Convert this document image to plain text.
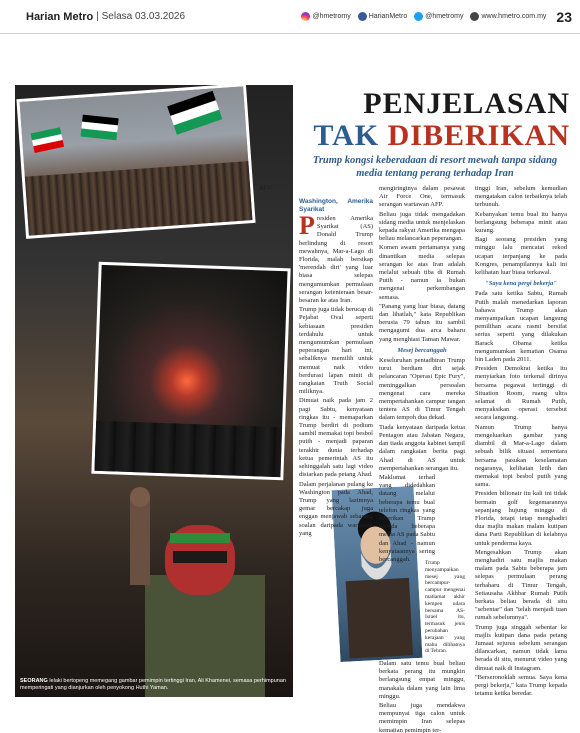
Harian Metro | Selasa 03.03.2026	@hmetromy	HarianMetro	@hmetromy	www.hmetro.com.my 23
SEORANG lelaki bertopeng memegang gambar pemimpin tertinggi Iran, Ali Khamenei, semasa perhimpunan memperingati yang dianjurkan oleh penyokong Huthi Yaman.
PENJELASAN
TAK DIBERIKAN
Trump kongsi keberadaan di resort mewah tanpa sidang media tentang perang terhadap Iran
AFP

Washington, Amerika Syarikat

Presiden Amerika Syarikat (AS) Donald Trump berlindung di resort mewahnya, Mar-a-Lago di Florida, malah bersikap 'merendah diri' yang luar biasa selepas mengumumkan permulaan serangan ketenteraan besar-besaran ke atas Iran.

Trump juga tidak berucap di Pejabat Oval seperti kebiasaan presiden terdahulu untuk mengumumkan permulaan peperangan hari ini, sebaliknya memilih untuk memuat naik video berdurasi lapan minit di rangkaian Truth Social miliknya.

Dimuat naik pada jam 2 pagi Sabtu, kenyataan ringkas itu - memaparkan Trump berdiri di podium sambil memakai topi besbol putih - menjadi paparan terakhir dunia terhadap ketua pemerintah AS itu sehinggalah satu lagi video disiarkan pada petang Ahad.

Dalam perjalanan pulang ke Washington pada Ahad, Trump yang lazimnya gemar bercakap juga enggan menjawab sebarang soalan daripada wartawan yang

mengiringinya dalam pesawat Air Force One, termasuk serangan wartawan AFP.

Beliau juga tidak mengadakan sidang media untuk menjelaskan kepada rakyat Amerika mengapa beliau melancarkan peperangan.

Komen awam pertamanya yang dinantikan media selepas serangan ke atas Iran adalah melalui sebuah tiba di Rumah Putih - namun ia bukan mengenai perkembangan semasa.

"Panang yang luar biasa, datang dan lihatlah," kata Republikan berusia 79 tahun itu sambil mengagumi dua arca baharu yang menghiasi Taman Mawar.

Mesej bercanggah

Keseluruhan pentadbiran Trump turut berdiam diri sejak pelancaran "Operasi Epic Fury", meninggalkan persoalan mengenai cara mereka mempertahankan campur tangan tentera AS di Timur Tengah dalam tempoh dua dekad.

Tiada kenyataan daripada ketua Pentagon atau Jabatan Negara, dan tiada anggota kabinet tampil dalam rangkaian berita pagi Ahad di AS untuk mempertahankan serangan itu.

Maklumat terhad yang didedahkan datang melalui beberapa temu bual telefon ringkas yang diberikan Trump kepada beberapa media AS pada Sabtu dan Ahad - namun kenyataannya sering bercanggah.

tinggi Iran, sebelum kemudian mengatakan calon terbaiknya telah terbunuh.

Kebanyakan temu bual itu hanya berlangsung beberapa minit atau kurang.

Bagi seorang presiden yang minggu lalu mencatat rekod ucapan terpanjang ke pada Kongres, penampilannya kali ini kelihatan luar biasa terkawal.

"Saya kena pergi bekerja"

Pada satu ketika Sabtu, Rumah Putih malah menedarkan laporan bahawa Trump akan menyampaikan ucapan langsung pemilihan acara rasmi bersifat serius seperti yang dilakukan Barack Obama ketika mengumumkan kematian Osama bin Laden pada 2011.

Presiden Demokrat ketika itu menyiarkan foto terkenal dirinya bersama pegawai tertinggi di Situation Room, ruang ultra selamat di Rumah Putih, menyaksikan operasi tersebut secara langsung.

Namun Trump hanya mengeluarkan gambar yang diambil di Mar-a-Lago dalam sebuah bilik situasi sementara bersama pasukan keselamatan negaranya, kelihatan letih dan memakai topi besbol putih yang sama.

Presiden bilionair itu kali ini tidak bermain golf kegemarannya sepanjang hujung minggu di Florida, tetapi tetap menghadiri dua majlis makan malam kutipan dana Parti Republikan di kelabnya untuk penderma kaya.

Mengesahkan Trump akan menghadiri satu majlis makan malam pada Sabtu beberapa jam selepas permulaan perang terbaharu di Timur Tengah, Setiausaha Akhbar Rumah Putih berkata beliau berada di situ "sebentar" dan "telah menjadi tuan rumah sebelumnya".

Trump juga singgah sebentar ke majlis kutipan dana pada petang Jumaat sejurus sebelum serangan dilancarkan, namun tidak lama berada di situ, menurut video yang dimuat naik di Instagram.

"Berseronoklah semua. Saya kena pergi bekerja," kata Trump kepada tetamu ketika beredar.

Trump menyampaikan mesej yang bercampur-campur mengenai matlamat akhir kempen udara bersama AS-Israel itu, termasuk jenis perubahan kerajaan yang mahu dilihatnya di Tehran.

Dalam satu temu bual beliau berkata perang itu mungkin berlangsung empat minggu, manakala dalam yang lain lima minggu.

Beliau juga mendakwa mempunyai tiga calon untuk memimpin Iran selepas kematian pemimpin ter-
